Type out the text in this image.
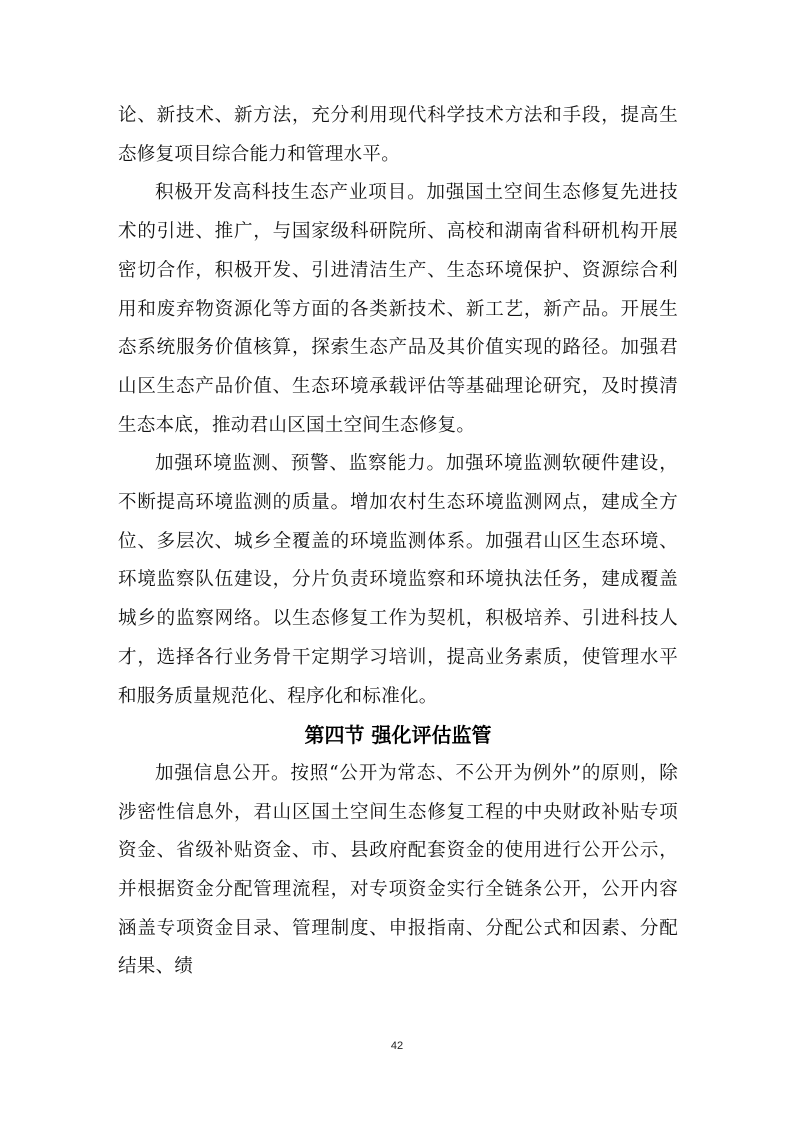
论、新技术、新方法，充分利用现代科学技术方法和手段，提高生态修复项目综合能力和管理水平。

积极开发高科技生态产业项目。加强国土空间生态修复先进技术的引进、推广，与国家级科研院所、高校和湖南省科研机构开展密切合作，积极开发、引进清洁生产、生态环境保护、资源综合利用和废弃物资源化等方面的各类新技术、新工艺，新产品。开展生态系统服务价值核算，探索生态产品及其价值实现的路径。加强君山区生态产品价值、生态环境承载评估等基础理论研究，及时摸清生态本底，推动君山区国土空间生态修复。

加强环境监测、预警、监察能力。加强环境监测软硬件建设，不断提高环境监测的质量。增加农村生态环境监测网点，建成全方位、多层次、城乡全覆盖的环境监测体系。加强君山区生态环境、环境监察队伍建设，分片负责环境监察和环境执法任务，建成覆盖城乡的监察网络。以生态修复工作为契机，积极培养、引进科技人才，选择各行业务骨干定期学习培训，提高业务素质，使管理水平和服务质量规范化、程序化和标准化。

第四节 强化评估监管

加强信息公开。按照“公开为常态、不公开为例外”的原则，除涉密性信息外，君山区国土空间生态修复工程的中央财政补贴专项资金、省级补贴资金、市、县政府配套资金的使用进行公开公示，并根据资金分配管理流程，对专项资金实行全链条公开，公开内容涵盖专项资金目录、管理制度、申报指南、分配公式和因素、分配结果、绩

42
